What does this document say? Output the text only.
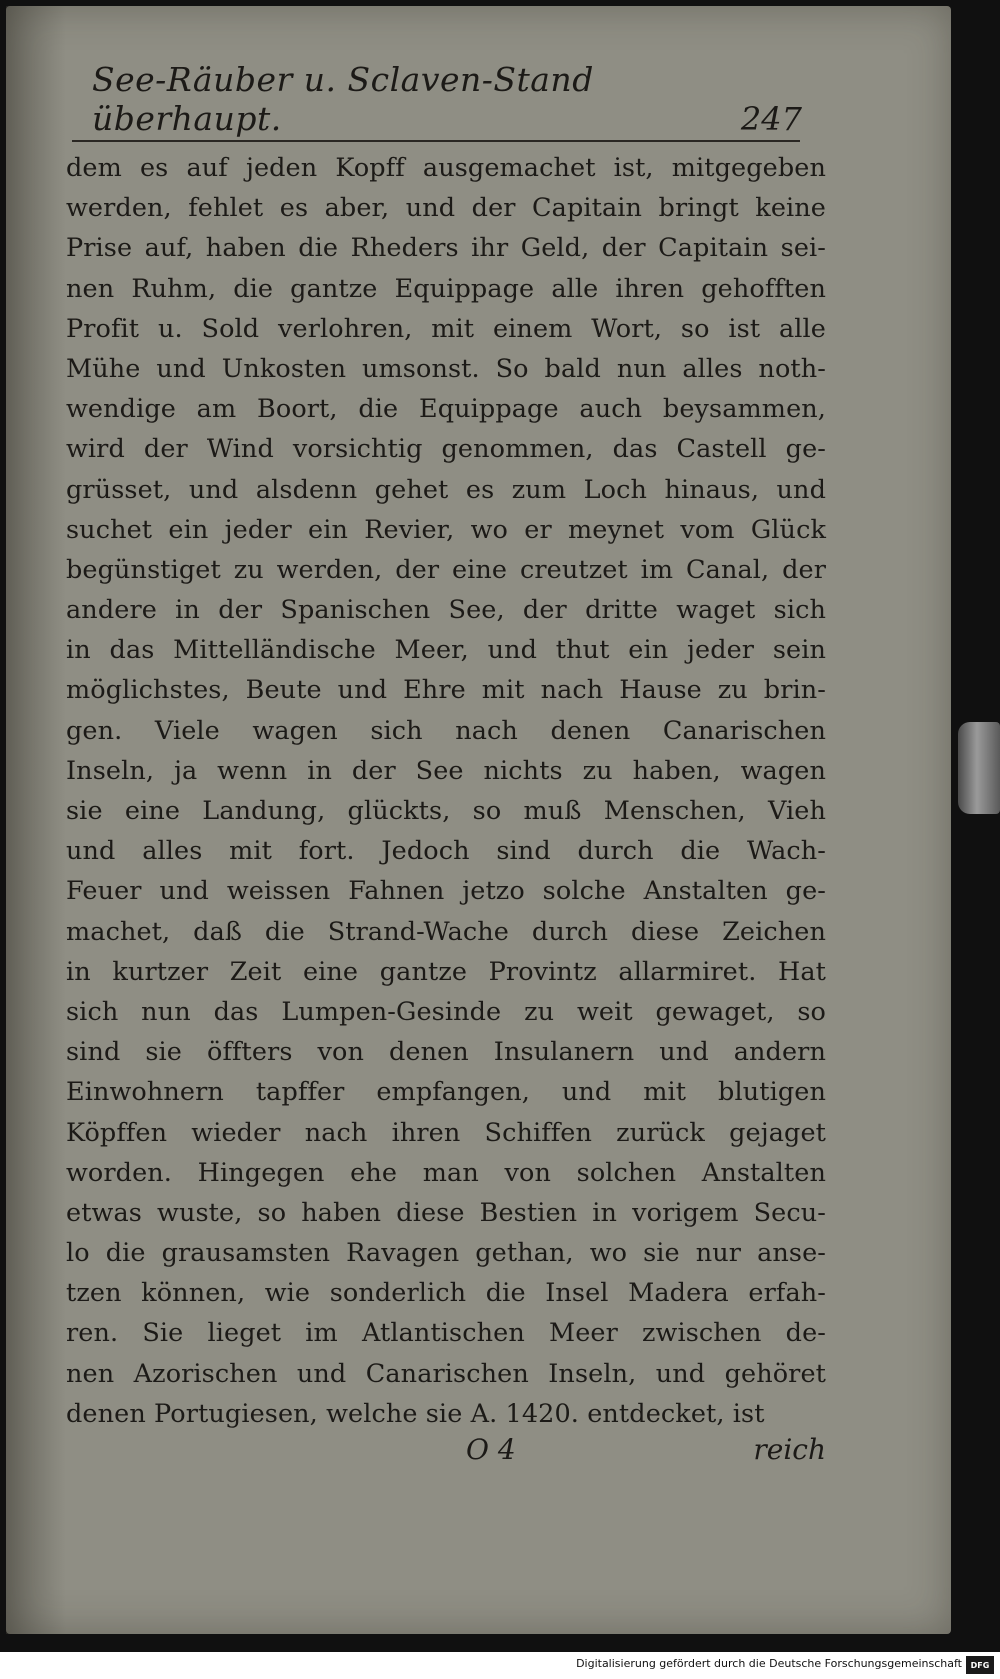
See-Räuber u. Sclaven-Stand überhaupt.	247
dem es auf jeden Kopff ausgemachet ist, mitgegeben
werden, fehlet es aber, und der Capitain bringt keine
Prise auf, haben die Rheders ihr Geld, der Capitain sei-
nen Ruhm, die gantze Equippage alle ihren gehofften
Profit u. Sold verlohren, mit einem Wort, so ist alle
Mühe und Unkosten umsonst. So bald nun alles noth-
wendige am Boort, die Equippage auch beysammen,
wird der Wind vorsichtig genommen, das Castell ge-
grüsset, und alsdenn gehet es zum Loch hinaus, und
suchet ein jeder ein Revier, wo er meynet vom Glück
begünstiget zu werden, der eine creutzet im Canal, der
andere in der Spanischen See, der dritte waget sich
in das Mittelländische Meer, und thut ein jeder sein
möglichstes, Beute und Ehre mit nach Hause zu brin-
gen. Viele wagen sich nach denen Canarischen
Inseln, ja wenn in der See nichts zu haben, wagen
sie eine Landung, glückts, so muß Menschen, Vieh
und alles mit fort. Jedoch sind durch die Wach-
Feuer und weissen Fahnen jetzo solche Anstalten ge-
machet, daß die Strand-Wache durch diese Zeichen
in kurtzer Zeit eine gantze Provintz allarmiret. Hat
sich nun das Lumpen-Gesinde zu weit gewaget, so
sind sie öffters von denen Insulanern und andern
Einwohnern tapffer empfangen, und mit blutigen
Köpffen wieder nach ihren Schiffen zurück gejaget
worden. Hingegen ehe man von solchen Anstalten
etwas wuste, so haben diese Bestien in vorigem Secu-
lo die grausamsten Ravagen gethan, wo sie nur anse-
tzen können, wie sonderlich die Insel Madera erfah-
ren. Sie lieget im Atlantischen Meer zwischen de-
nen Azorischen und Canarischen Inseln, und gehöret
denen Portugiesen, welche sie A. 1420. entdecket, ist
O 4	reich
Digitalisierung gefördert durch die Deutsche Forschungsgemeinschaft	DFG
